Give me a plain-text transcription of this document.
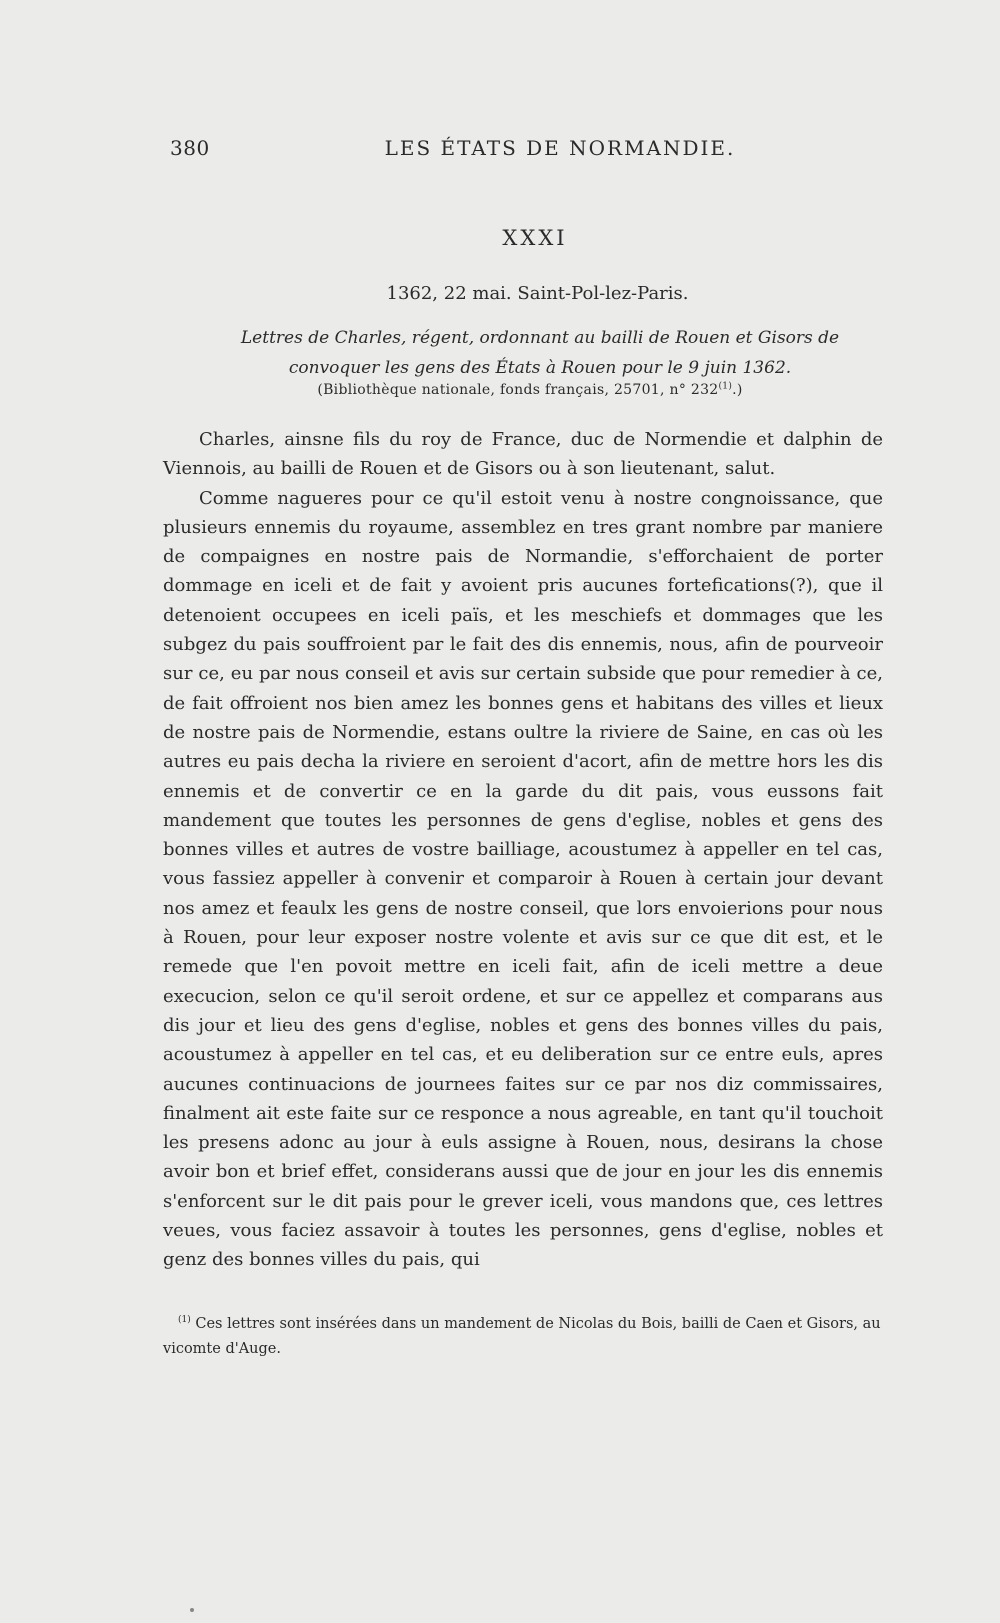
380	LES ÉTATS DE NORMANDIE.
XXXI
1362, 22 mai. Saint-Pol-lez-Paris.
Lettres de Charles, régent, ordonnant au bailli de Rouen et Gisors de convoquer les gens des États à Rouen pour le 9 juin 1362.
(Bibliothèque nationale, fonds français, 25701, n° 232$^{(1)}$.)

Charles, ainsne fils du roy de France, duc de Normendie et dalphin de Viennois, au bailli de Rouen et de Gisors ou à son lieutenant, salut.

Comme nagueres pour ce qu'il estoit venu à nostre congnoissance, que plusieurs ennemis du royaume, assemblez en tres grant nombre par maniere de compaignes en nostre pais de Normandie, s'efforchaient de porter dommage en iceli et de fait y avoient pris aucunes fortefications(?), que il detenoient occupees en iceli païs, et les meschiefs et dommages que les subgez du pais souffroient par le fait des dis ennemis, nous, afin de pourveoir sur ce, eu par nous conseil et avis sur certain subside que pour remedier à ce, de fait offroient nos bien amez les bonnes gens et habitans des villes et lieux de nostre pais de Normendie, estans oultre la riviere de Saine, en cas où les autres eu pais decha la riviere en seroient d'acort, afin de mettre hors les dis ennemis et de convertir ce en la garde du dit pais, vous eussons fait mandement que toutes les personnes de gens d'eglise, nobles et gens des bonnes villes et autres de vostre bailliage, acoustumez à appeller en tel cas, vous fassiez appeller à convenir et comparoir à Rouen à certain jour devant nos amez et feaulx les gens de nostre conseil, que lors envoierions pour nous à Rouen, pour leur exposer nostre volente et avis sur ce que dit est, et le remede que l'en povoit mettre en iceli fait, afin de iceli mettre a deue execucion, selon ce qu'il seroit ordene, et sur ce appellez et comparans aus dis jour et lieu des gens d'eglise, nobles et gens des bonnes villes du pais, acoustumez à appeller en tel cas, et eu deliberation sur ce entre euls, apres aucunes continuacions de journees faites sur ce par nos diz commissaires, finalment ait este faite sur ce responce a nous agreable, en tant qu'il touchoit les presens adonc au jour à euls assigne à Rouen, nous, desirans la chose avoir bon et brief effet, considerans aussi que de jour en jour les dis ennemis s'enforcent sur le dit pais pour le grever iceli, vous mandons que, ces lettres veues, vous faciez assavoir à toutes les personnes, gens d'eglise, nobles et genz des bonnes villes du pais, qui

$^{(1)}$ Ces lettres sont insérées dans un mandement de Nicolas du Bois, bailli de Caen et Gisors, au vicomte d'Auge.
